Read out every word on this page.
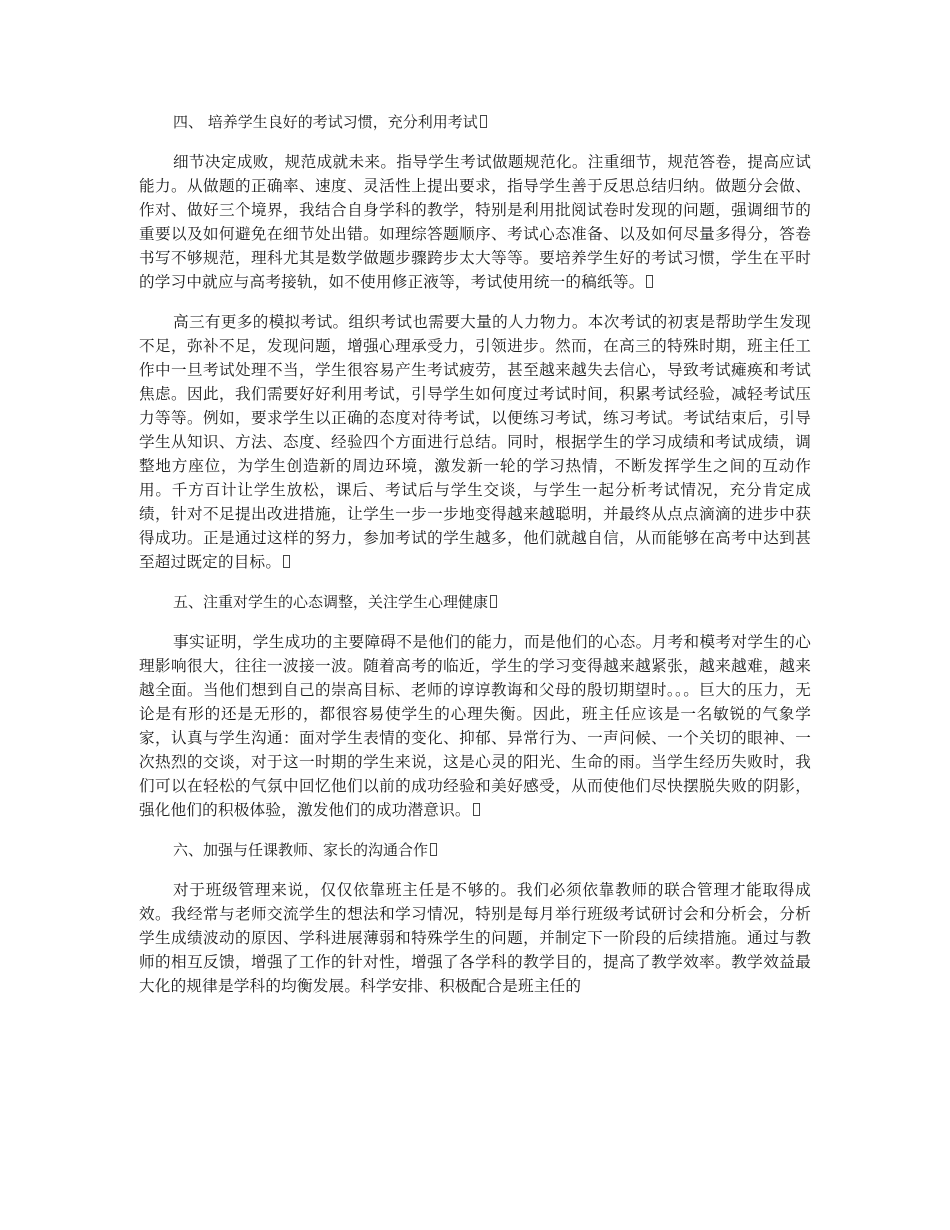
四、 培养学生良好的考试习惯，充分利用考试

细节决定成败，规范成就未来。指导学生考试做题规范化。注重细节，规范答卷，提高应试能力。从做题的正确率、速度、灵活性上提出要求，指导学生善于反思总结归纳。做题分会做、作对、做好三个境界，我结合自身学科的教学，特别是利用批阅试卷时发现的问题，强调细节的重要以及如何避免在细节处出错。如理综答题顺序、考试心态准备、以及如何尽量多得分，答卷书写不够规范，理科尤其是数学做题步骤跨步太大等等。要培养学生好的考试习惯，学生在平时的学习中就应与高考接轨，如不使用修正液等，考试使用统一的稿纸等。

高三有更多的模拟考试。组织考试也需要大量的人力物力。本次考试的初衷是帮助学生发现不足，弥补不足，发现问题，增强心理承受力，引领进步。然而，在高三的特殊时期，班主任工作中一旦考试处理不当，学生很容易产生考试疲劳，甚至越来越失去信心，导致考试瘫痪和考试焦虑。因此，我们需要好好利用考试，引导学生如何度过考试时间，积累考试经验，减轻考试压力等等。例如，要求学生以正确的态度对待考试，以便练习考试，练习考试。考试结束后，引导学生从知识、方法、态度、经验四个方面进行总结。同时，根据学生的学习成绩和考试成绩，调整地方座位，为学生创造新的周边环境，激发新一轮的学习热情，不断发挥学生之间的互动作用。千方百计让学生放松，课后、考试后与学生交谈，与学生一起分析考试情况，充分肯定成绩，针对不足提出改进措施，让学生一步一步地变得越来越聪明，并最终从点点滴滴的进步中获得成功。正是通过这样的努力，参加考试的学生越多，他们就越自信，从而能够在高考中达到甚至超过既定的目标。

五、注重对学生的心态调整，关注学生心理健康

事实证明，学生成功的主要障碍不是他们的能力，而是他们的心态。月考和模考对学生的心理影响很大，往往一波接一波。随着高考的临近，学生的学习变得越来越紧张，越来越难，越来越全面。当他们想到自己的崇高目标、老师的谆谆教诲和父母的殷切期望时。。。巨大的压力，无论是有形的还是无形的，都很容易使学生的心理失衡。因此，班主任应该是一名敏锐的气象学家，认真与学生沟通：面对学生表情的变化、抑郁、异常行为、一声问候、一个关切的眼神、一次热烈的交谈，对于这一时期的学生来说，这是心灵的阳光、生命的雨。当学生经历失败时，我们可以在轻松的气氛中回忆他们以前的成功经验和美好感受，从而使他们尽快摆脱失败的阴影，强化他们的积极体验，激发他们的成功潜意识。

六、加强与任课教师、家长的沟通合作

对于班级管理来说，仅仅依靠班主任是不够的。我们必须依靠教师的联合管理才能取得成效。我经常与老师交流学生的想法和学习情况，特别是每月举行班级考试研讨会和分析会，分析学生成绩波动的原因、学科进展薄弱和特殊学生的问题，并制定下一阶段的后续措施。通过与教师的相互反馈，增强了工作的针对性，增强了各学科的教学目的，提高了教学效率。教学效益最大化的规律是学科的均衡发展。科学安排、积极配合是班主任的
